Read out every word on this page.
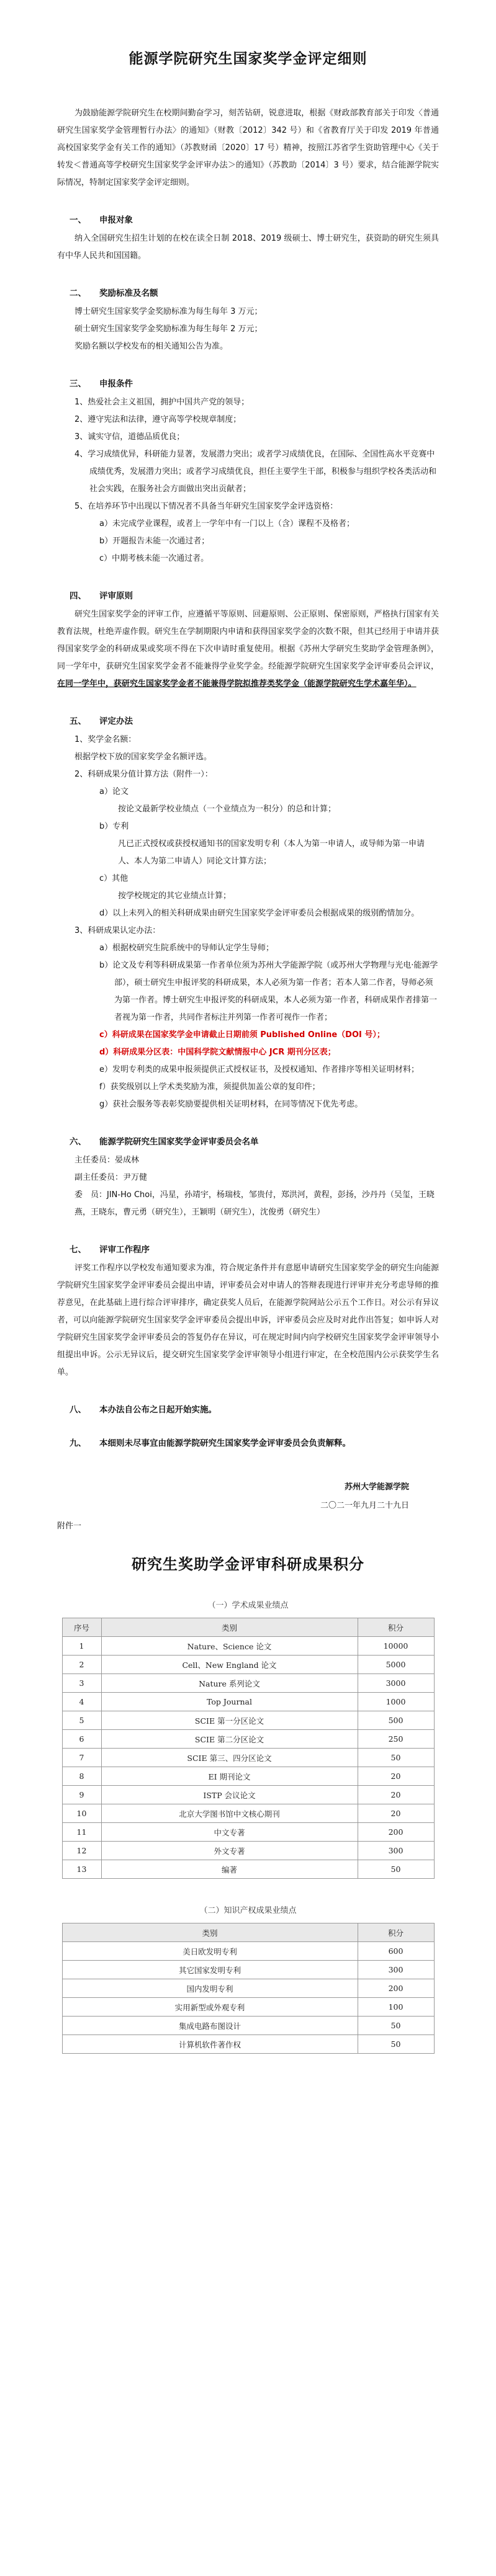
能源学院研究生国家奖学金评定细则

为鼓励能源学院研究生在校期间勤奋学习，刻苦钻研，锐意进取，根据《财政部教育部关于印发〈普通研究生国家奖学金管理暂行办法〉的通知》（财教〔2012〕342 号）和《省教育厅关于印发 2019 年普通高校国家奖学金有关工作的通知》（苏教财函〔2020〕17 号）精神，按照江苏省学生资助管理中心《关于转发＜普通高等学校研究生国家奖学金评审办法＞的通知》（苏教助〔2014〕3 号）要求，结合能源学院实际情况，特制定国家奖学金评定细则。

一、 申报对象

纳入全国研究生招生计划的在校在读全日制 2018、2019 级硕士、博士研究生，获资助的研究生须具有中华人民共和国国籍。

二、 奖励标准及名额

博士研究生国家奖学金奖励标准为每生每年 3 万元；

硕士研究生国家奖学金奖励标准为每生每年 2 万元；

奖励名额以学校发布的相关通知公告为准。

三、 申报条件

1、热爱社会主义祖国，拥护中国共产党的领导；

2、遵守宪法和法律，遵守高等学校规章制度；

3、诚实守信，道德品质优良；

4、学习成绩优异，科研能力显著，发展潜力突出；或者学习成绩优良，在国际、全国性高水平竞赛中成绩优秀，发展潜力突出；或者学习成绩优良，担任主要学生干部，积极参与组织学校各类活动和社会实践，在服务社会方面做出突出贡献者；

5、在培养环节中出现以下情况者不具备当年研究生国家奖学金评选资格：

a）未完成学业课程，或者上一学年中有一门以上（含）课程不及格者；

b）开题报告未能一次通过者；

c）中期考核未能一次通过者。

四、 评审原则

研究生国家奖学金的评审工作，应遵循平等原则、回避原则、公正原则、保密原则，严格执行国家有关教育法规，杜绝弄虚作假。研究生在学制期限内申请和获得国家奖学金的次数不限，但其已经用于申请并获得国家奖学金的科研成果或奖项不得在下次申请时重复使用。根据《苏州大学研究生奖助学金管理条例》，同一学年中，获研究生国家奖学金者不能兼得学业奖学金。经能源学院研究生国家奖学金评审委员会评议，在同一学年中，获研究生国家奖学金者不能兼得学院拟推荐类奖学金（能源学院研究生学术嘉年华）。

五、 评定办法

1、奖学金名额：

根据学校下放的国家奖学金名额评选。

2、科研成果分值计算方法（附件一）：

a）论文

按论文最新学校业绩点（一个业绩点为一积分）的总和计算；

b）专利

凡已正式授权或获授权通知书的国家发明专利（本人为第一申请人，或导师为第一申请人、本人为第二申请人）同论文计算方法；

c）其他

按学校规定的其它业绩点计算；

d）以上未列入的相关科研成果由研究生国家奖学金评审委员会根据成果的级别酌情加分。

3、科研成果认定办法：

a）根据校研究生院系统中的导师认定学生导师；

b）论文及专利等科研成果第一作者单位须为苏州大学能源学院（或苏州大学物理与光电·能源学部），硕士研究生申报评奖的科研成果，本人必须为第一作者；若本人第二作者，导师必须为第一作者。博士研究生申报评奖的科研成果，本人必须为第一作者，科研成果作者排第一者视为第一作者，共同作者标注并列第一作者可视作一作者；

c）科研成果在国家奖学金申请截止日期前须 Published Online（DOI 号）；

d）科研成果分区表：中国科学院文献情报中心 JCR 期刊分区表；

e）发明专利类的成果申报须提供正式授权证书，及授权通知、作者排序等相关证明材料；

f）获奖级别以上学术类奖励为准，须提供加盖公章的复印件；

g）获社会服务等表彰奖励要提供相关证明材料，在同等情况下优先考虑。

六、 能源学院研究生国家奖学金评审委员会名单

主任委员：晏成林

副主任委员：尹万健

委　员：JIN-Ho Choi，冯星，孙靖宇，杨瑞枝，邹贵付，郑洪河，黄程，彭扬，沙丹丹（吴玺，王晓燕，王晓东，曹元勇（研究生），王颖明（研究生），沈俊勇（研究生）

七、 评审工作程序

评奖工作程序以学校发布通知要求为准，符合规定条件并有意愿申请研究生国家奖学金的研究生向能源学院研究生国家奖学金评审委员会提出申请，评审委员会对申请人的答辩表现进行评审并充分考虑导师的推荐意见，在此基础上进行综合评审排序，确定获奖人员后，在能源学院网站公示五个工作日。对公示有异议者，可以向能源学院研究生国家奖学金评审委员会提出申诉，评审委员会应及时对此作出答复；如申诉人对学院研究生国家奖学金评审委员会的答复仍存在异议，可在规定时间内向学校研究生国家奖学金评审领导小组提出申诉。公示无异议后，提交研究生国家奖学金评审领导小组进行审定，在全校范围内公示获奖学生名单。

八、 本办法自公布之日起开始实施。
九、 本细则未尽事宜由能源学院研究生国家奖学金评审委员会负责解释。
苏州大学能源学院
二〇二一年九月二十九日
附件一
研究生奖助学金评审科研成果积分
（一）学术成果业绩点
序号	类别	积分
1	Nature、Science 论文	10000
2	Cell、New England 论文	5000
3	Nature 系列论文	3000
4	Top Journal	1000
5	SCIE 第一分区论文	500
6	SCIE 第二分区论文	250
7	SCIE 第三、四分区论文	50
8	EI 期刊论文	20
9	ISTP 会议论文	20
10	北京大学图书馆中文核心期刊	20
11	中文专著	200
12	外文专著	300
13	编著	50
（二）知识产权成果业绩点
类别	积分
美日欧发明专利	600
其它国家发明专利	300
国内发明专利	200
实用新型或外观专利	100
集成电路布图设计	50
计算机软件著作权	50
